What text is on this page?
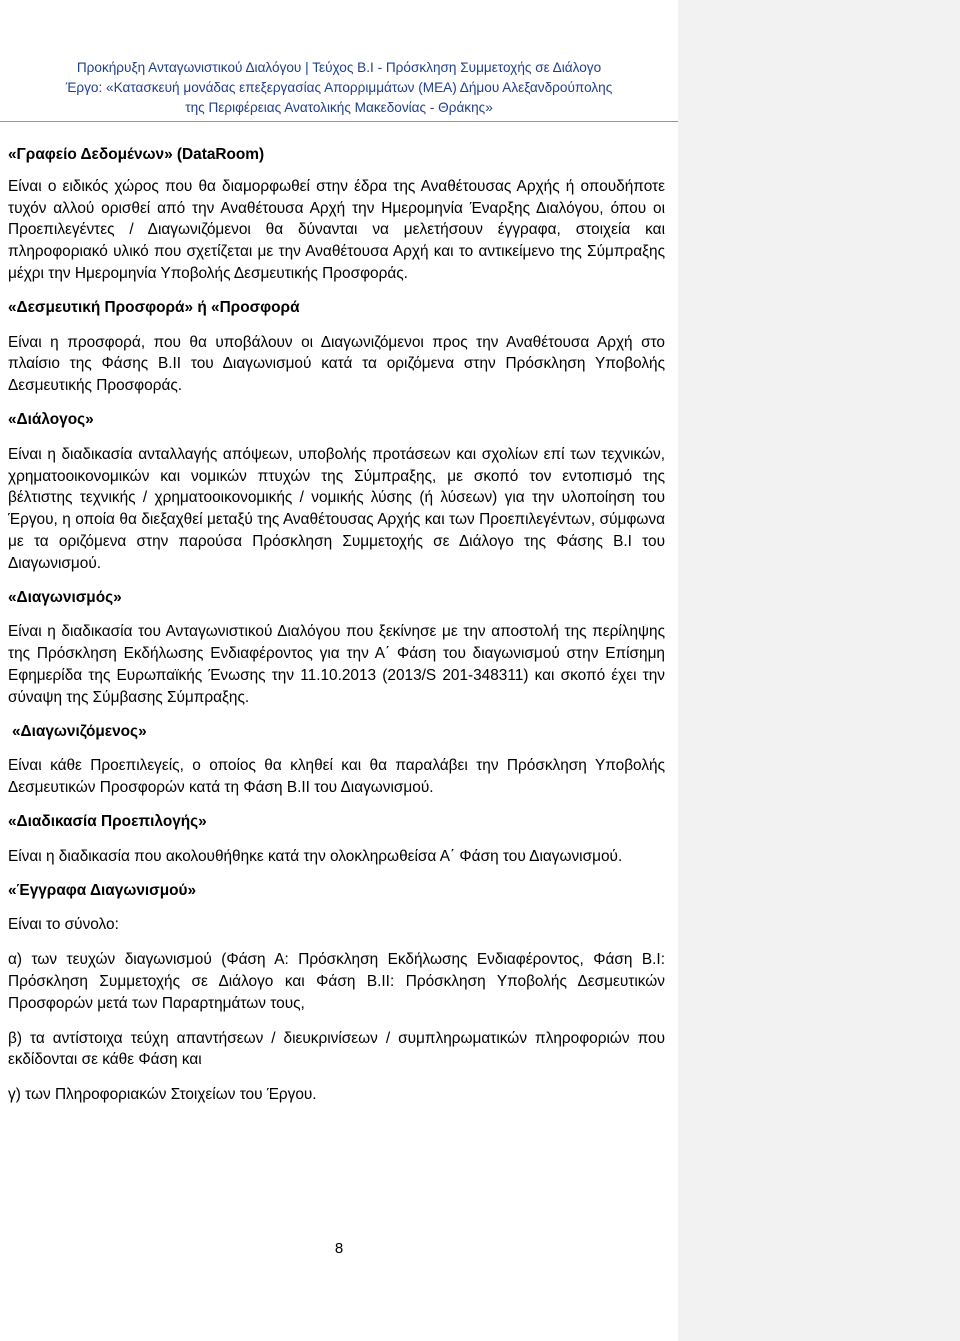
Προκήρυξη Ανταγωνιστικού Διαλόγου | Τεύχος Β.Ι - Πρόσκληση Συμμετοχής σε Διάλογο
Έργο: «Κατασκευή μονάδας επεξεργασίας Απορριμμάτων (ΜΕΑ) Δήμου Αλεξανδρούπολης
της Περιφέρειας Ανατολικής Μακεδονίας - Θράκης»

«Γραφείο Δεδομένων» (DataRoom)

Είναι ο ειδικός χώρος που θα διαμορφωθεί στην έδρα της Αναθέτουσας Αρχής ή οπουδήποτε τυχόν αλλού ορισθεί από την Αναθέτουσα Αρχή την Ημερομηνία Έναρξης Διαλόγου, όπου οι Προεπιλεγέντες / Διαγωνιζόμενοι θα δύνανται να μελετήσουν έγγραφα, στοιχεία και πληροφοριακό υλικό που σχετίζεται με την Αναθέτουσα Αρχή και το αντικείμενο της Σύμπραξης μέχρι την Ημερομηνία Υποβολής Δεσμευτικής Προσφοράς.

«Δεσμευτική Προσφορά» ή «Προσφορά

Είναι η προσφορά, που θα υποβάλουν οι Διαγωνιζόμενοι προς την Αναθέτουσα Αρχή στο πλαίσιο της Φάσης Β.ΙΙ του Διαγωνισμού κατά τα οριζόμενα στην Πρόσκληση Υποβολής Δεσμευτικής Προσφοράς.

«Διάλογος»

Είναι η διαδικασία ανταλλαγής απόψεων, υποβολής προτάσεων και σχολίων επί των τεχνικών, χρηματοοικονομικών και νομικών πτυχών της Σύμπραξης, με σκοπό τον εντοπισμό της βέλτιστης τεχνικής / χρηματοοικονομικής / νομικής λύσης (ή λύσεων) για την υλοποίηση του Έργου, η οποία θα διεξαχθεί μεταξύ της Αναθέτουσας Αρχής και των Προεπιλεγέντων, σύμφωνα με τα οριζόμενα στην παρούσα Πρόσκληση Συμμετοχής σε Διάλογο της Φάσης Β.Ι του Διαγωνισμού.

«Διαγωνισμός»

Είναι η διαδικασία του Ανταγωνιστικού Διαλόγου που ξεκίνησε με την αποστολή της περίληψης της Πρόσκληση Εκδήλωσης Ενδιαφέροντος για την Α΄ Φάση του διαγωνισμού στην Επίσημη Εφημερίδα της Ευρωπαϊκής Ένωσης την 11.10.2013 (2013/S 201-348311) και σκοπό έχει την σύναψη της Σύμβασης Σύμπραξης.

«Διαγωνιζόμενος»

Είναι κάθε Προεπιλεγείς, ο οποίος θα κληθεί και θα παραλάβει την Πρόσκληση Υποβολής Δεσμευτικών Προσφορών κατά τη Φάση Β.ΙΙ του Διαγωνισμού.

«Διαδικασία Προεπιλογής»

Είναι η διαδικασία που ακολουθήθηκε κατά την ολοκληρωθείσα Α΄ Φάση του Διαγωνισμού.

«Έγγραφα Διαγωνισμού»

Είναι το σύνολο:

α) των τευχών διαγωνισμού (Φάση Α: Πρόσκληση Εκδήλωσης Ενδιαφέροντος, Φάση Β.Ι: Πρόσκληση Συμμετοχής σε Διάλογο και Φάση Β.ΙΙ: Πρόσκληση Υποβολής Δεσμευτικών Προσφορών μετά των Παραρτημάτων τους,

β) τα αντίστοιχα τεύχη απαντήσεων / διευκρινίσεων / συμπληρωματικών πληροφοριών που εκδίδονται σε κάθε Φάση και

γ) των Πληροφοριακών Στοιχείων του Έργου.

8
